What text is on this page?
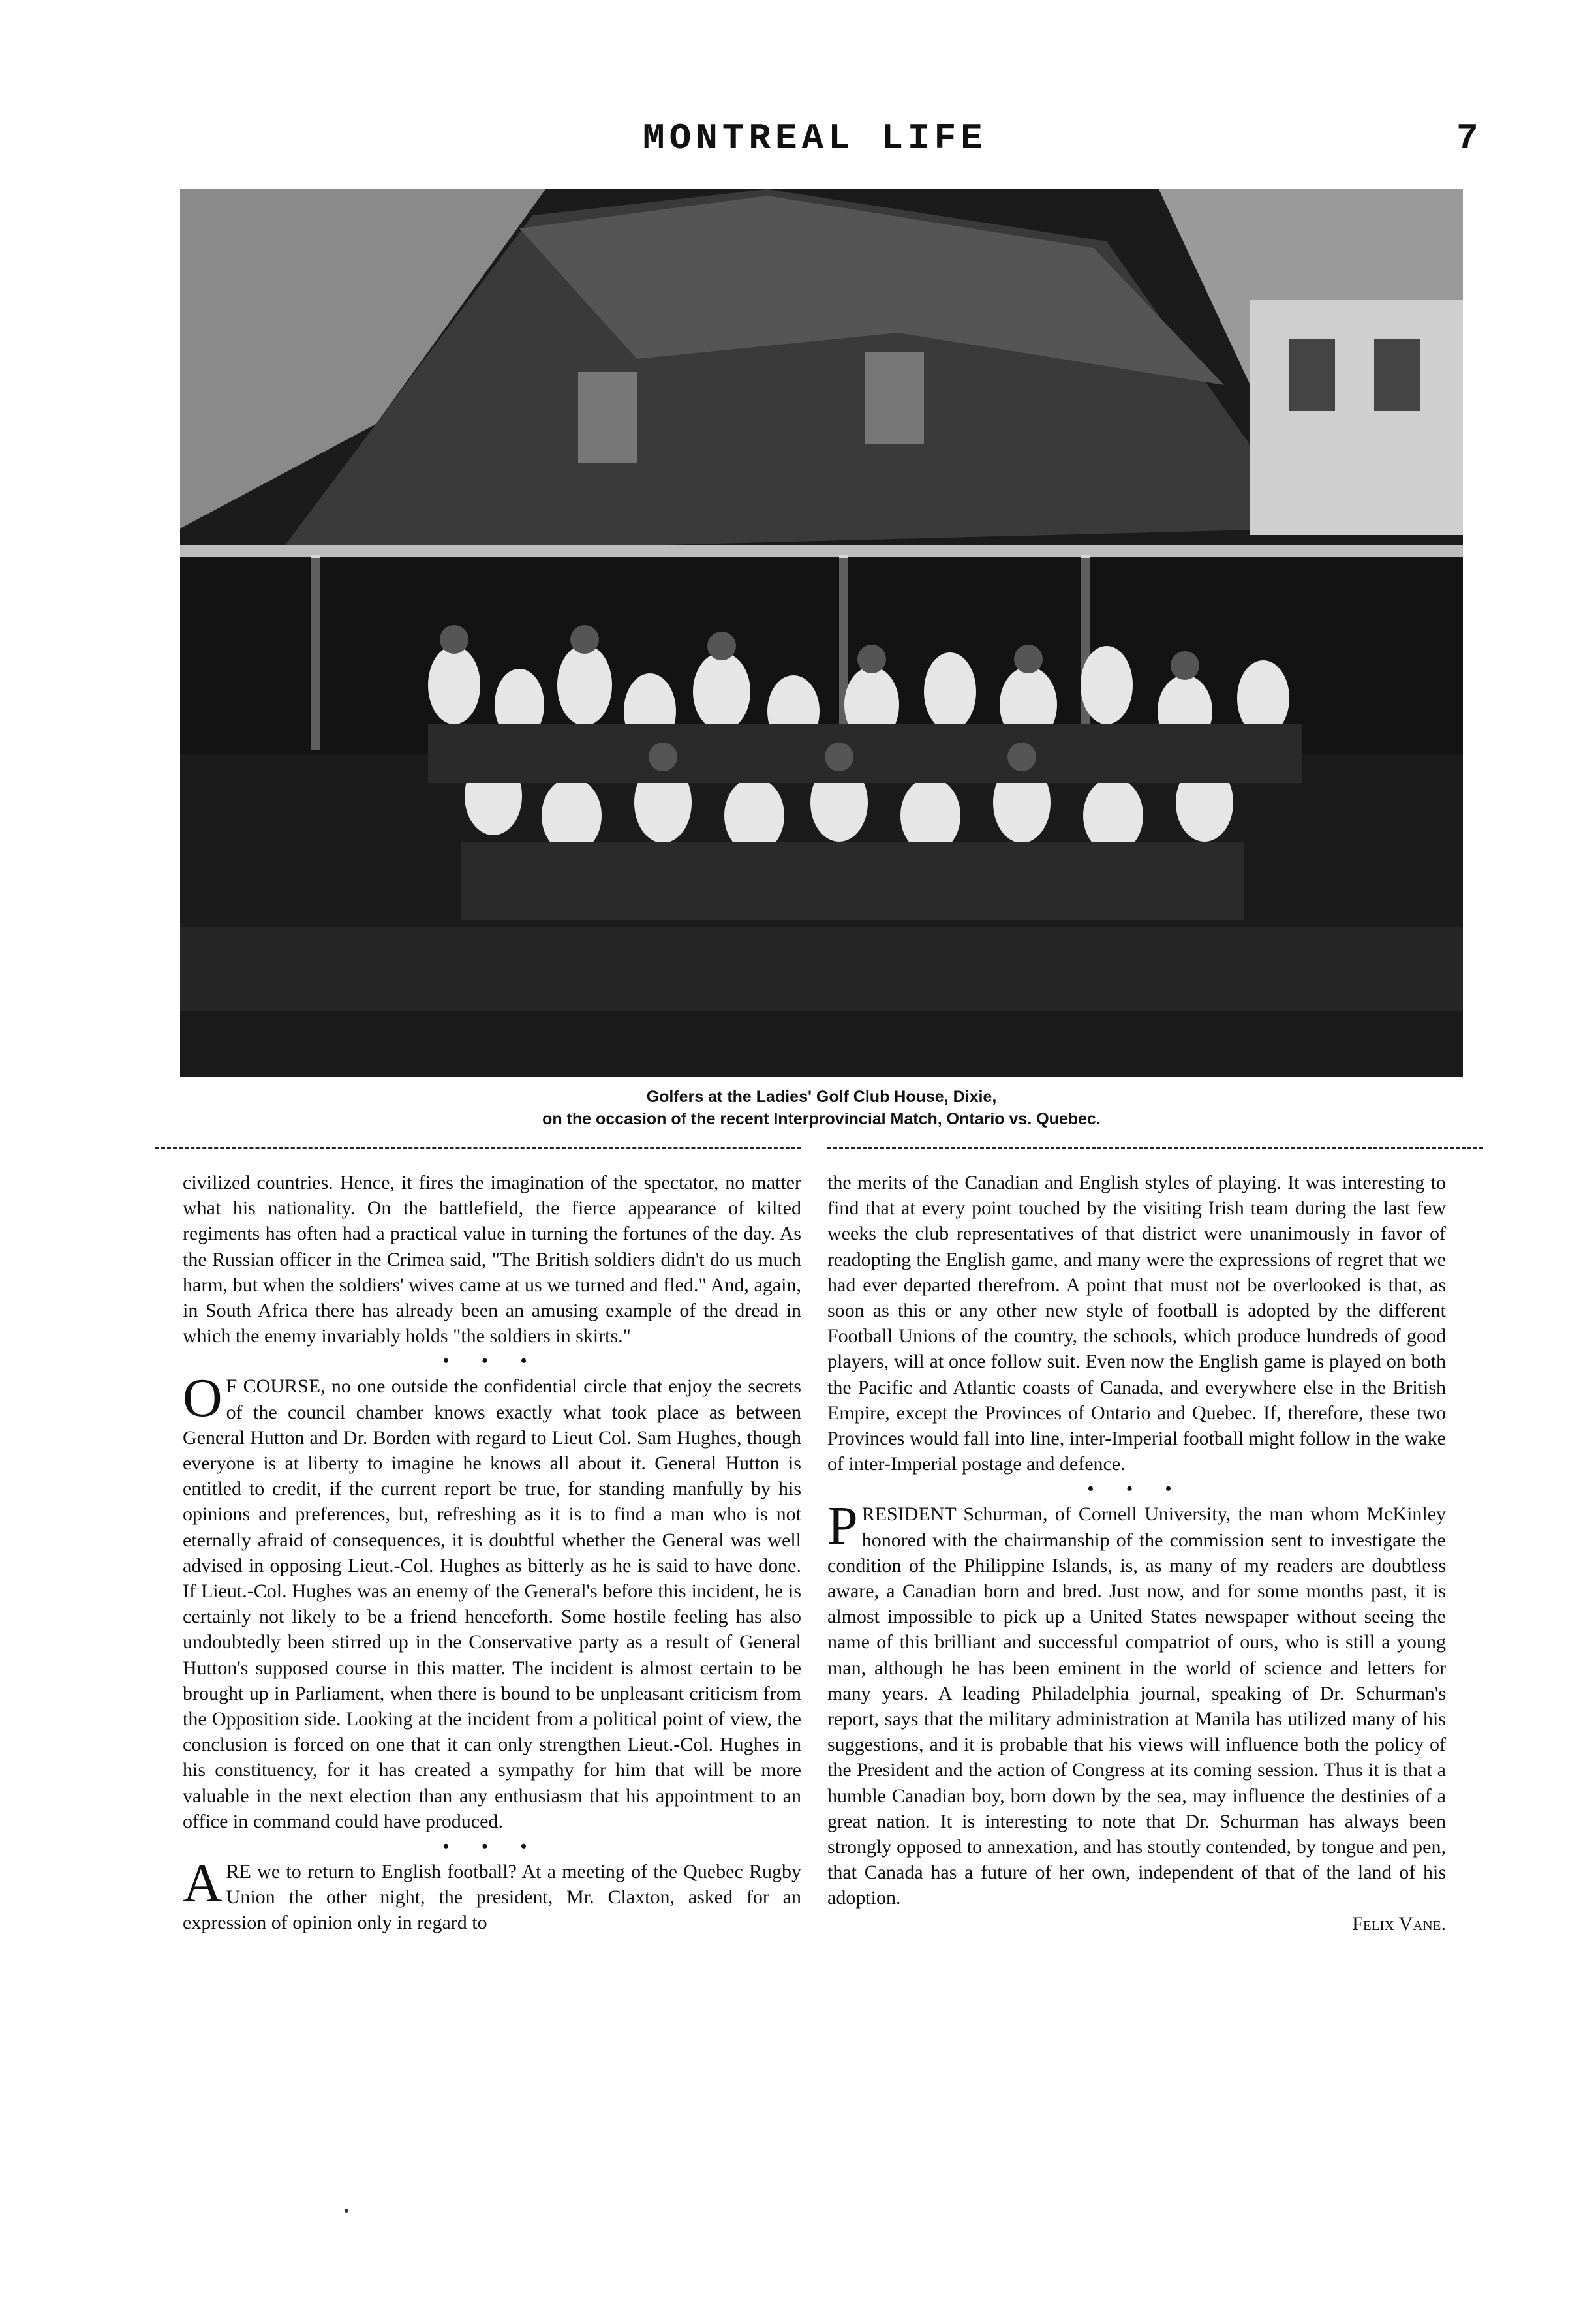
MONTREAL LIFE	7
Golfers at the Ladies' Golf Club House, Dixie,
on the occasion of the recent Interprovincial Match, Ontario vs. Quebec.

civilized countries. Hence, it fires the imagination of the spectator, no matter what his nationality. On the battlefield, the fierce appearance of kilted regiments has often had a practical value in turning the fortunes of the day. As the Russian officer in the Crimea said, "The British soldiers didn't do us much harm, but when the soldiers' wives came at us we turned and fled." And, again, in South Africa there has already been an amusing example of the dread in which the enemy invariably holds "the soldiers in skirts."

• • •

O F COURSE, no one outside the confidential circle that enjoy the secrets of the council chamber knows exactly what took place as between General Hutton and Dr. Borden with regard to Lieut Col. Sam Hughes, though everyone is at liberty to imagine he knows all about it. General Hutton is entitled to credit, if the current report be true, for standing manfully by his opinions and preferences, but, refreshing as it is to find a man who is not eternally afraid of consequences, it is doubtful whether the General was well advised in opposing Lieut.-Col. Hughes as bitterly as he is said to have done. If Lieut.-Col. Hughes was an enemy of the General's before this incident, he is certainly not likely to be a friend henceforth. Some hostile feeling has also undoubtedly been stirred up in the Conservative party as a result of General Hutton's supposed course in this matter. The incident is almost certain to be brought up in Parliament, when there is bound to be unpleasant criticism from the Opposition side. Looking at the incident from a political point of view, the conclusion is forced on one that it can only strengthen Lieut.-Col. Hughes in his constituency, for it has created a sympathy for him that will be more valuable in the next election than any enthusiasm that his appointment to an office in command could have produced.

• • •

ARE we to return to English football? At a meeting of the Quebec Rugby Union the other night, the president, Mr. Claxton, asked for an expression of opinion only in regard to

the merits of the Canadian and English styles of playing. It was interesting to find that at every point touched by the visiting Irish team during the last few weeks the club representatives of that district were unanimously in favor of readopting the English game, and many were the expressions of regret that we had ever departed therefrom. A point that must not be overlooked is that, as soon as this or any other new style of football is adopted by the different Football Unions of the country, the schools, which produce hundreds of good players, will at once follow suit. Even now the English game is played on both the Pacific and Atlantic coasts of Canada, and everywhere else in the British Empire, except the Provinces of Ontario and Quebec. If, therefore, these two Provinces would fall into line, inter-Imperial football might follow in the wake of inter-Imperial postage and defence.

• • •

PRESIDENT Schurman, of Cornell University, the man whom McKinley honored with the chairmanship of the commission sent to investigate the condition of the Philippine Islands, is, as many of my readers are doubtless aware, a Canadian born and bred. Just now, and for some months past, it is almost impossible to pick up a United States newspaper without seeing the name of this brilliant and successful compatriot of ours, who is still a young man, although he has been eminent in the world of science and letters for many years. A leading Philadelphia journal, speaking of Dr. Schurman's report, says that the military administration at Manila has utilized many of his suggestions, and it is probable that his views will influence both the policy of the President and the action of Congress at its coming session. Thus it is that a humble Canadian boy, born down by the sea, may influence the destinies of a great nation. It is interesting to note that Dr. Schurman has always been strongly opposed to annexation, and has stoutly contended, by tongue and pen, that Canada has a future of her own, independent of that of the land of his adoption.

Felix Vane.
